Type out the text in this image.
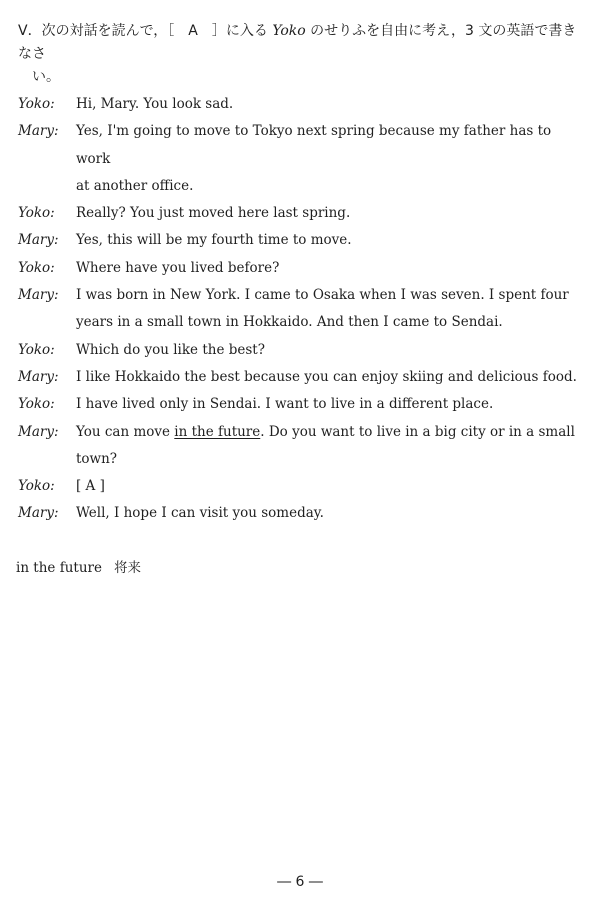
V．次の対話を読んで，［　A　］に入る Yoko のせりふを自由に考え，3 文の英語で書きなさ
い。
Yoko: Hi, Mary. You look sad.
Mary: Yes, I'm going to move to Tokyo next spring because my father has to work
at another office.
Yoko: Really? You just moved here last spring.
Mary: Yes, this will be my fourth time to move.
Yoko: Where have you lived before?
Mary: I was born in New York. I came to Osaka when I was seven. I spent four
years in a small town in Hokkaido. And then I came to Sendai.
Yoko: Which do you like the best?
Mary: I like Hokkaido the best because you can enjoy skiing and delicious food.
Yoko: I have lived only in Sendai. I want to live in a different place.
Mary: You can move in the future. Do you want to live in a big city or in a small
town?
Yoko: [ A ]
Mary: Well, I hope I can visit you someday.
in the future 将来
― 6 ―
